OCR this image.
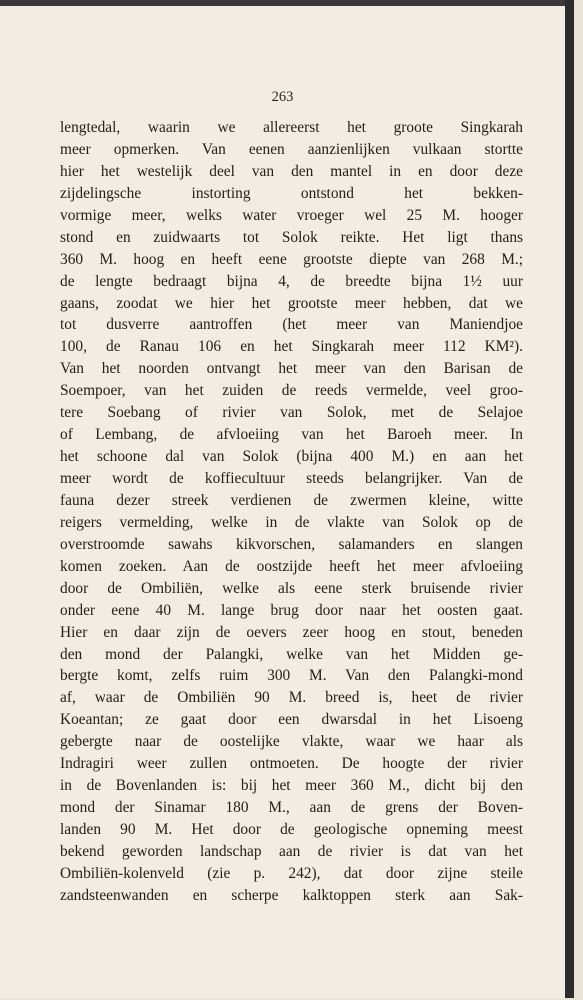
263
lengtedal, waarin we allereerst het groote Singkarah
meer opmerken. Van eenen aanzienlijken vulkaan stortte
hier het westelijk deel van den mantel in en door deze
zijdelingsche instorting ontstond het bekken-
vormige meer, welks water vroeger wel 25 M. hooger
stond en zuidwaarts tot Solok reikte. Het ligt thans
360 M. hoog en heeft eene grootste diepte van 268 M.;
de lengte bedraagt bijna 4, de breedte bijna 1½ uur
gaans, zoodat we hier het grootste meer hebben, dat we
tot dusverre aantroffen (het meer van Maniendjoe
100, de Ranau 106 en het Singkarah meer 112 KM²).
Van het noorden ontvangt het meer van den Barisan de
Soempoer, van het zuiden de reeds vermelde, veel groo-
tere Soebang of rivier van Solok, met de Selajoe
of Lembang, de afvloeiing van het Baroeh meer. In
het schoone dal van Solok (bijna 400 M.) en aan het
meer wordt de koffiecultuur steeds belangrijker. Van de
fauna dezer streek verdienen de zwermen kleine, witte
reigers vermelding, welke in de vlakte van Solok op de
overstroomde sawahs kikvorschen, salamanders en slangen
komen zoeken. Aan de oostzijde heeft het meer afvloeiing
door de Ombiliën, welke als eene sterk bruisende rivier
onder eene 40 M. lange brug door naar het oosten gaat.
Hier en daar zijn de oevers zeer hoog en stout, beneden
den mond der Palangki, welke van het Midden ge-
bergte komt, zelfs ruim 300 M. Van den Palangki-mond
af, waar de Ombiliën 90 M. breed is, heet de rivier
Koeantan; ze gaat door een dwarsdal in het Lisoeng
gebergte naar de oostelijke vlakte, waar we haar als
Indragiri weer zullen ontmoeten. De hoogte der rivier
in de Bovenlanden is: bij het meer 360 M., dicht bij den
mond der Sinamar 180 M., aan de grens der Boven-
landen 90 M. Het door de geologische opneming meest
bekend geworden landschap aan de rivier is dat van het
Ombiliën-kolenveld (zie p. 242), dat door zijne steile
zandsteenwanden en scherpe kalktoppen sterk aan Sak-
